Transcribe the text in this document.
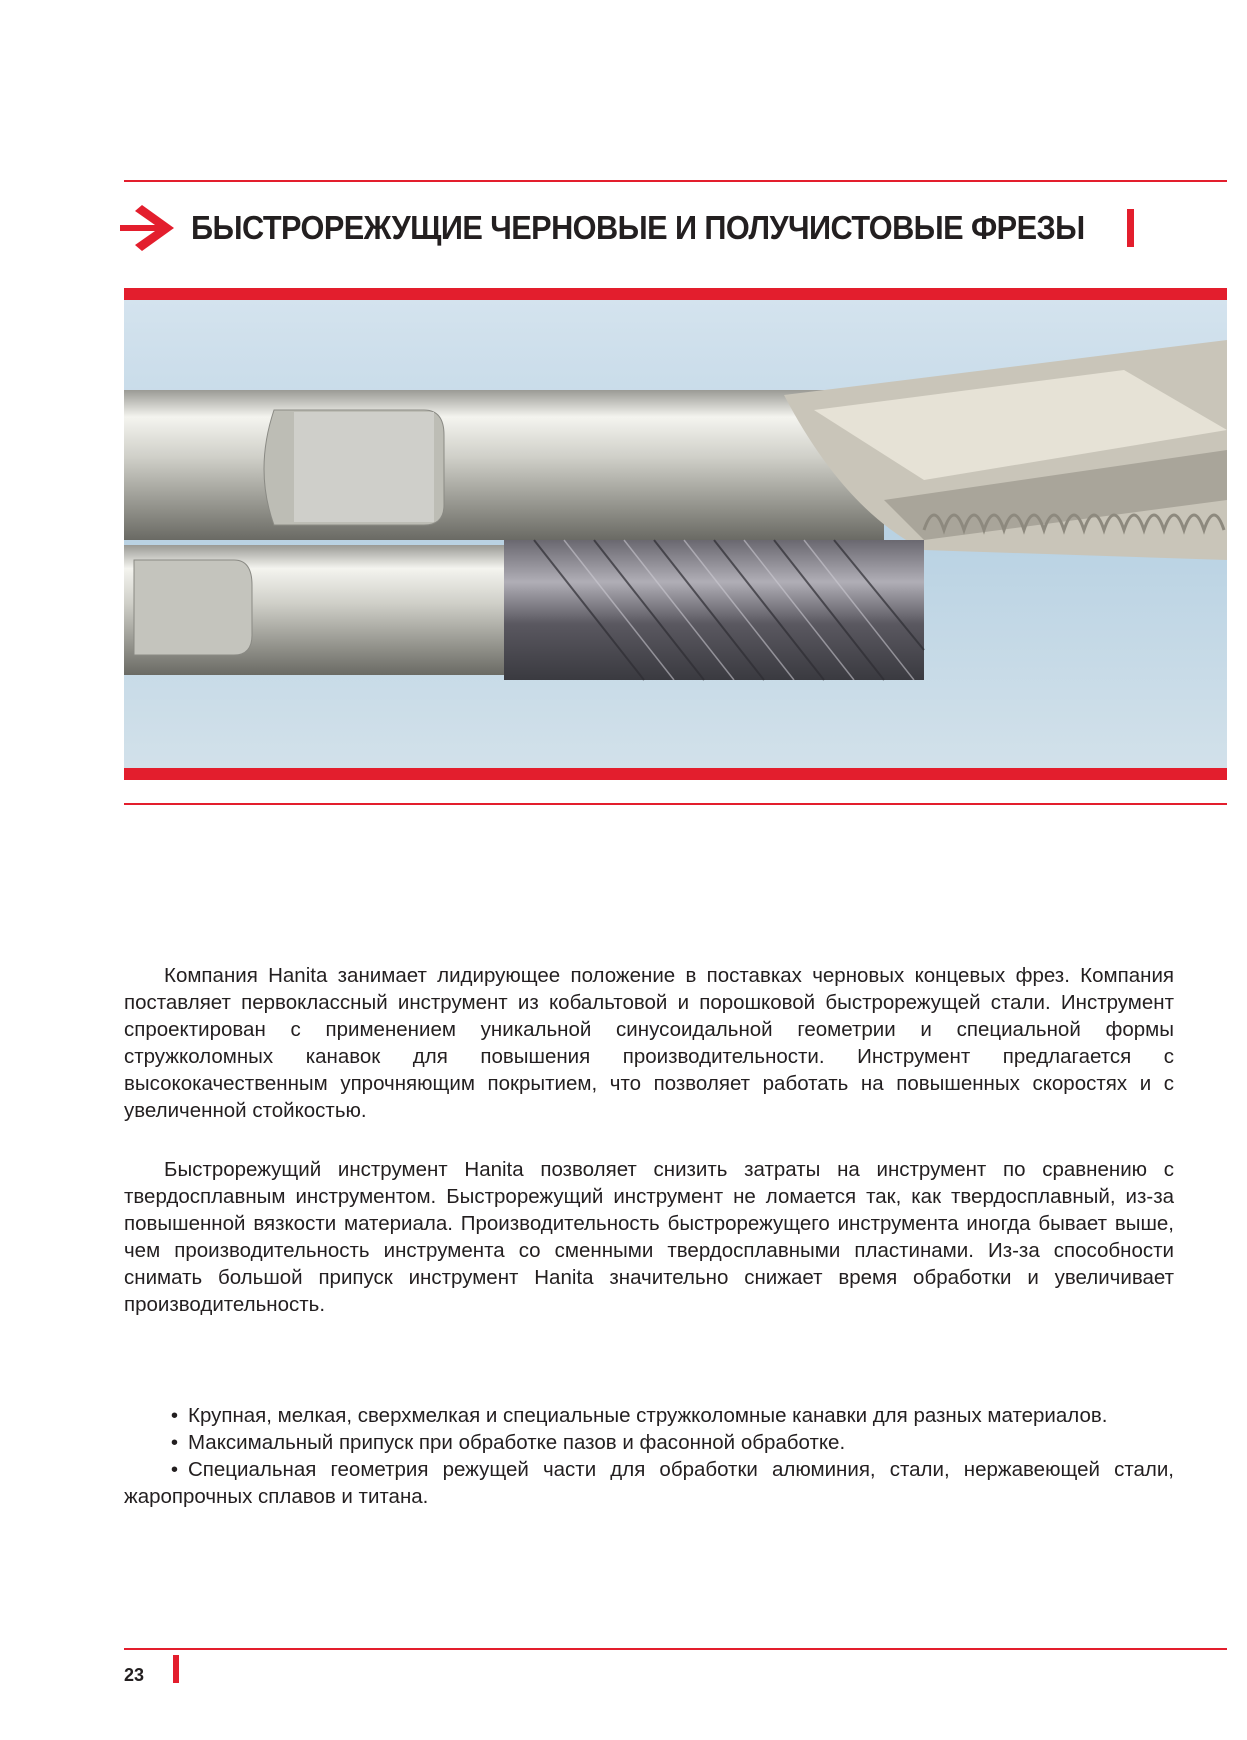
БЫСТРОРЕЖУЩИЕ ЧЕРНОВЫЕ И ПОЛУЧИСТОВЫЕ ФРЕЗЫ

Компания Hanita занимает лидирующее положение в поставках черновых концевых фрез. Компания поставляет первоклассный инструмент из кобальтовой и порошковой быстрорежущей стали. Инструмент спроектирован с применением уникальной синусоидальной геометрии и специальной формы стружколомных канавок для повышения производительности. Инструмент предлагается с высококачественным упрочняющим покрытием, что позволяет работать на повышенных скоростях и с увеличенной стойкостью.

Быстрорежущий инструмент Hanita позволяет снизить затраты на инструмент по сравнению с твердосплавным инструментом. Быстрорежущий инструмент не ломается так, как твердосплавный, из-за повышенной вязкости материала. Производительность быстрорежущего инструмента иногда бывает выше, чем производительность инструмента со сменными твердосплавными пластинами. Из-за способности снимать большой припуск инструмент Hanita значительно снижает время обработки и увеличивает производительность.

• Крупная, мелкая, сверхмелкая и специальные стружколомные канавки для разных материалов.
• Максимальный припуск при обработке пазов и фасонной обработке.
• Специальная геометрия режущей части для обработки алюминия, стали, нержавеющей стали, жаропрочных сплавов и титана.
23
